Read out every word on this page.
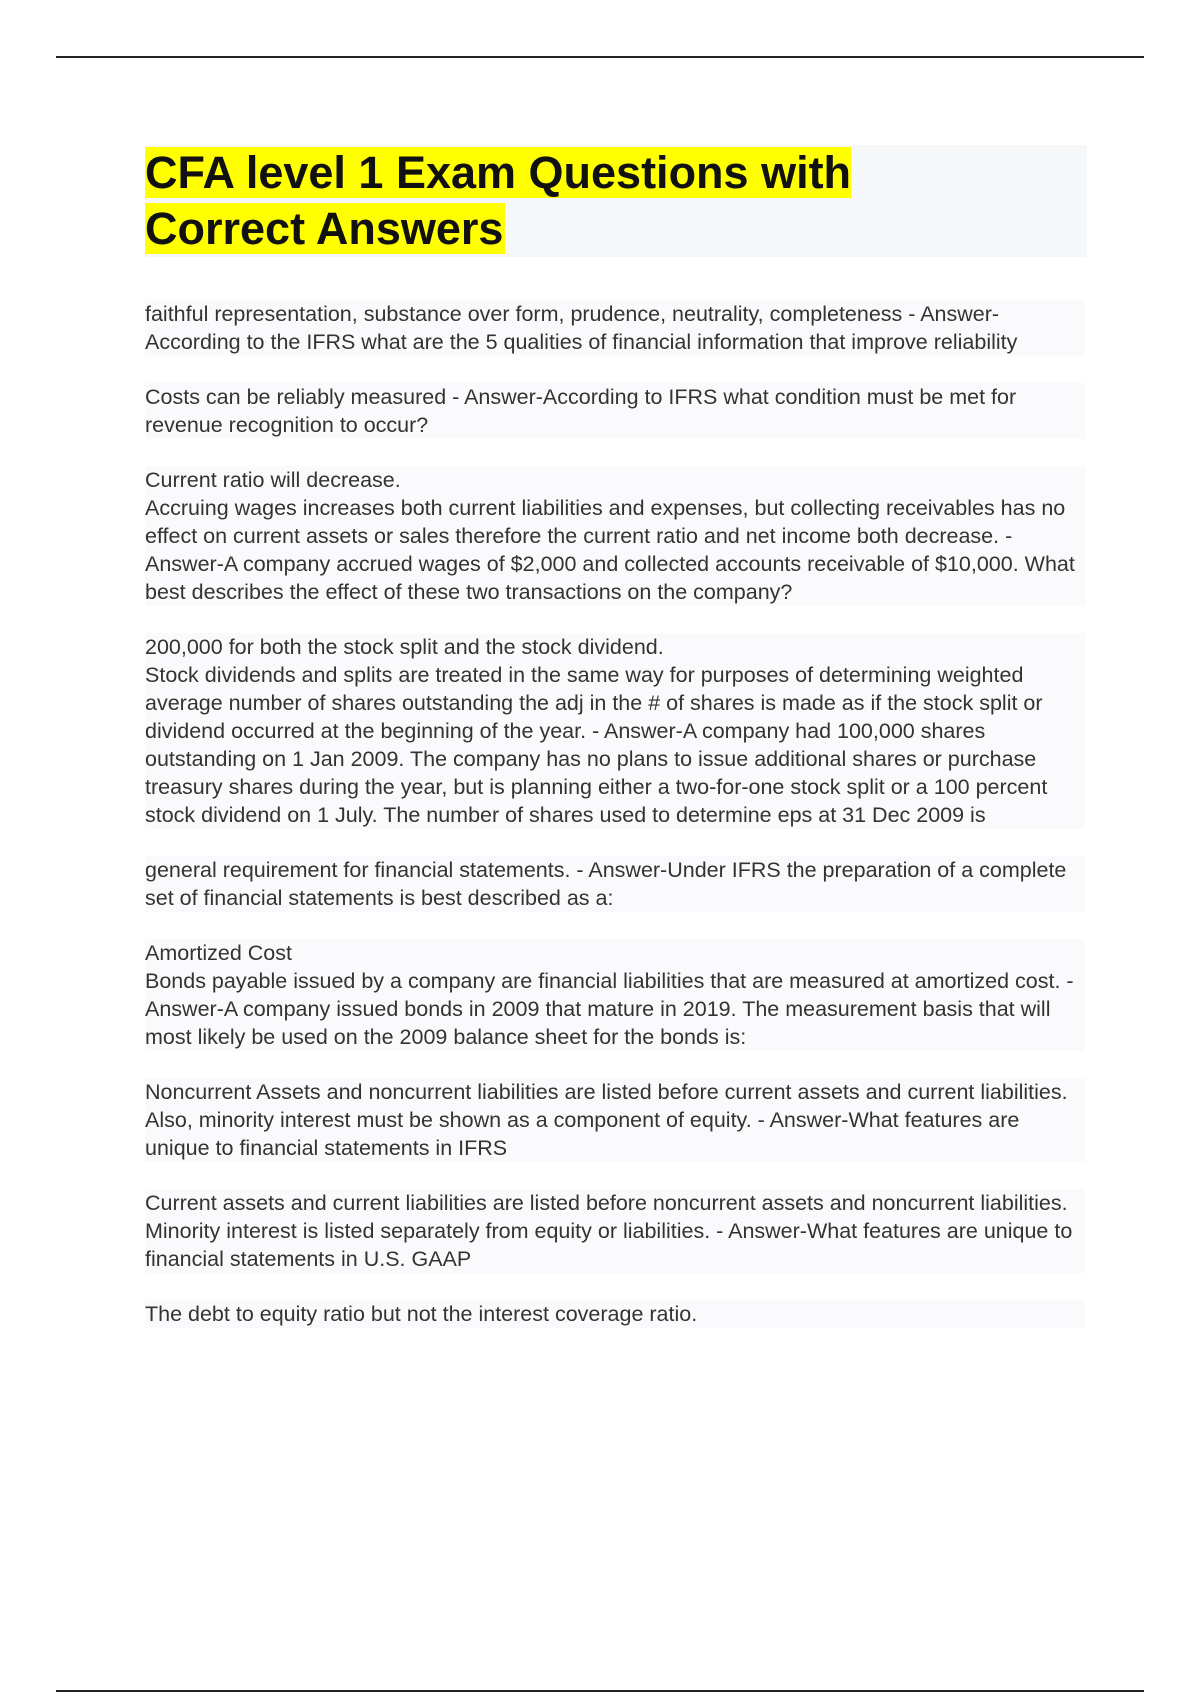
CFA level 1 Exam Questions with Correct Answers

faithful representation, substance over form, prudence, neutrality, completeness - Answer-According to the IFRS what are the 5 qualities of financial information that improve reliability

Costs can be reliably measured - Answer-According to IFRS what condition must be met for revenue recognition to occur?

Current ratio will decrease.

Accruing wages increases both current liabilities and expenses, but collecting receivables has no effect on current assets or sales therefore the current ratio and net income both decrease. - Answer-A company accrued wages of $2,000 and collected accounts receivable of $10,000. What best describes the effect of these two transactions on the company?

200,000 for both the stock split and the stock dividend.

Stock dividends and splits are treated in the same way for purposes of determining weighted average number of shares outstanding the adj in the # of shares is made as if the stock split or dividend occurred at the beginning of the year. - Answer-A company had 100,000 shares outstanding on 1 Jan 2009. The company has no plans to issue additional shares or purchase treasury shares during the year, but is planning either a two-for-one stock split or a 100 percent stock dividend on 1 July. The number of shares used to determine eps at 31 Dec 2009 is

general requirement for financial statements. - Answer-Under IFRS the preparation of a complete set of financial statements is best described as a:

Amortized Cost

Bonds payable issued by a company are financial liabilities that are measured at amortized cost. - Answer-A company issued bonds in 2009 that mature in 2019. The measurement basis that will most likely be used on the 2009 balance sheet for the bonds is:

Noncurrent Assets and noncurrent liabilities are listed before current assets and current liabilities. Also, minority interest must be shown as a component of equity. - Answer-What features are unique to financial statements in IFRS

Current assets and current liabilities are listed before noncurrent assets and noncurrent liabilities. Minority interest is listed separately from equity or liabilities. - Answer-What features are unique to financial statements in U.S. GAAP

The debt to equity ratio but not the interest coverage ratio.
